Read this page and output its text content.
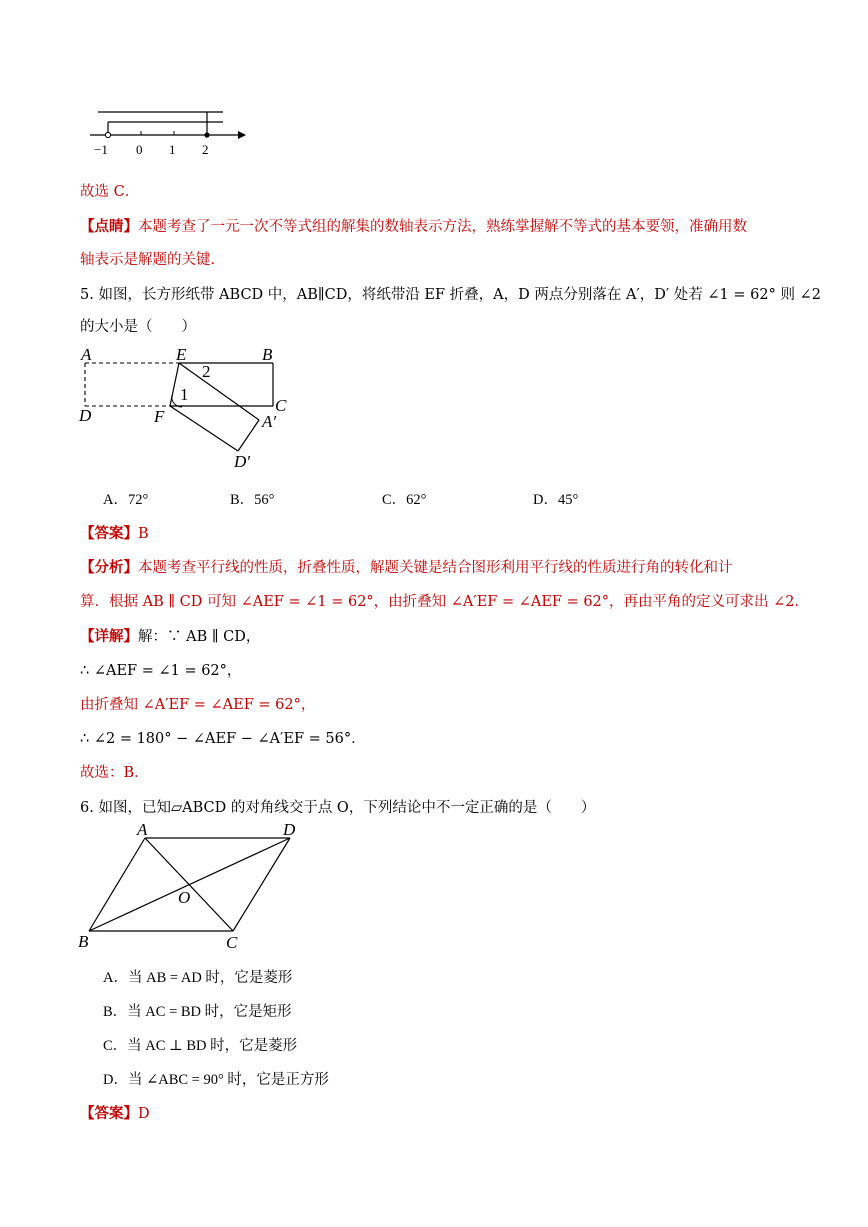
−1 0 1 2
故选 C．
【点睛】本题考查了一元一次不等式组的解集的数轴表示方法，熟练掌握解不等式的基本要领，准确用数
轴表示是解题的关键.
5. 如图，长方形纸带 ABCD 中，AB∥CD，将纸带沿 EF 折叠，A，D 两点分别落在 A′，D′ 处若 ∠1 = 62° 则 ∠2
的大小是（　　）
A	E	B
2
1
D	F
C
A′
D′
A．72°	B．56°	C．62°	D．45°
【答案】B
【分析】本题考查平行线的性质，折叠性质，解题关键是结合图形利用平行线的性质进行角的转化和计
算．根据 AB ∥ CD 可知 ∠AEF = ∠1 = 62°，由折叠知 ∠A′EF = ∠AEF = 62°，再由平角的定义可求出 ∠2．
【详解】解：∵ AB ∥ CD，
∴ ∠AEF = ∠1 = 62°，
由折叠知 ∠A′EF = ∠AEF = 62°，
∴ ∠2 = 180° − ∠AEF − ∠A′EF = 56°．
故选：B．
6. 如图，已知▱ABCD 的对角线交于点 O，下列结论中不一定正确的是（　　）
A	D
O
B	C
A．当 AB = AD 时，它是菱形
B．当 AC = BD 时，它是矩形
C．当 AC ⊥ BD 时，它是菱形
D．当 ∠ABC = 90° 时，它是正方形
【答案】D
